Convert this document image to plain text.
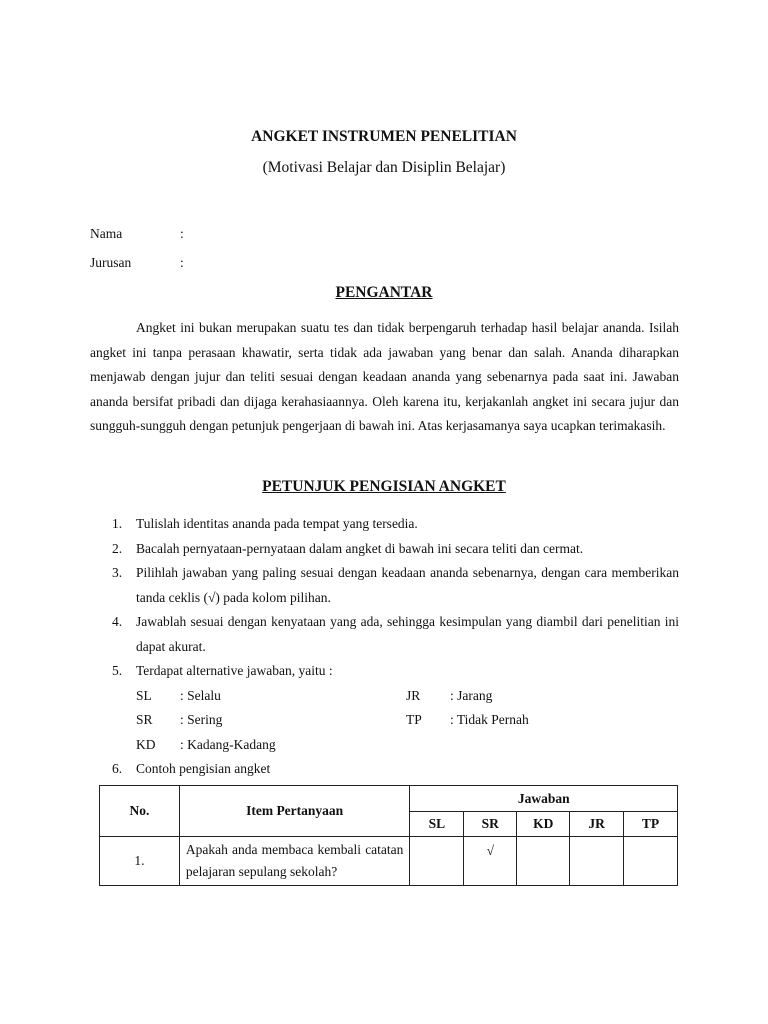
ANGKET INSTRUMEN PENELITIAN
(Motivasi Belajar dan Disiplin Belajar)
Nama	:
Jurusan	:
PENGANTAR
Angket ini bukan merupakan suatu tes dan tidak berpengaruh terhadap hasil belajar ananda. Isilah angket ini tanpa perasaan khawatir, serta tidak ada jawaban yang benar dan salah. Ananda diharapkan menjawab dengan jujur dan teliti sesuai dengan keadaan ananda yang sebenarnya pada saat ini. Jawaban ananda bersifat pribadi dan dijaga kerahasiaannya. Oleh karena itu, kerjakanlah angket ini secara jujur dan sungguh-sungguh dengan petunjuk pengerjaan di bawah ini. Atas kerjasamanya saya ucapkan terimakasih.
PETUNJUK PENGISIAN ANGKET
1. Tulislah identitas ananda pada tempat yang tersedia.
2. Bacalah pernyataan-pernyataan dalam angket di bawah ini secara teliti dan cermat.
3. Pilihlah jawaban yang paling sesuai dengan keadaan ananda sebenarnya, dengan cara memberikan tanda ceklis (√) pada kolom pilihan.
4. Jawablah sesuai dengan kenyataan yang ada, sehingga kesimpulan yang diambil dari penelitian ini dapat akurat.
5. Terdapat alternative jawaban, yaitu :
SL	: Selalu	JR	: Jarang
SR	: Sering	TP	: Tidak Pernah
KD	: Kadang-Kadang
6. Contoh pengisian angket
No.	Item Pertanyaan	Jawaban				
		SL	SR	KD	JR	TP
1.	Apakah anda membaca kembali catatan pelajaran sepulang sekolah?		√			
